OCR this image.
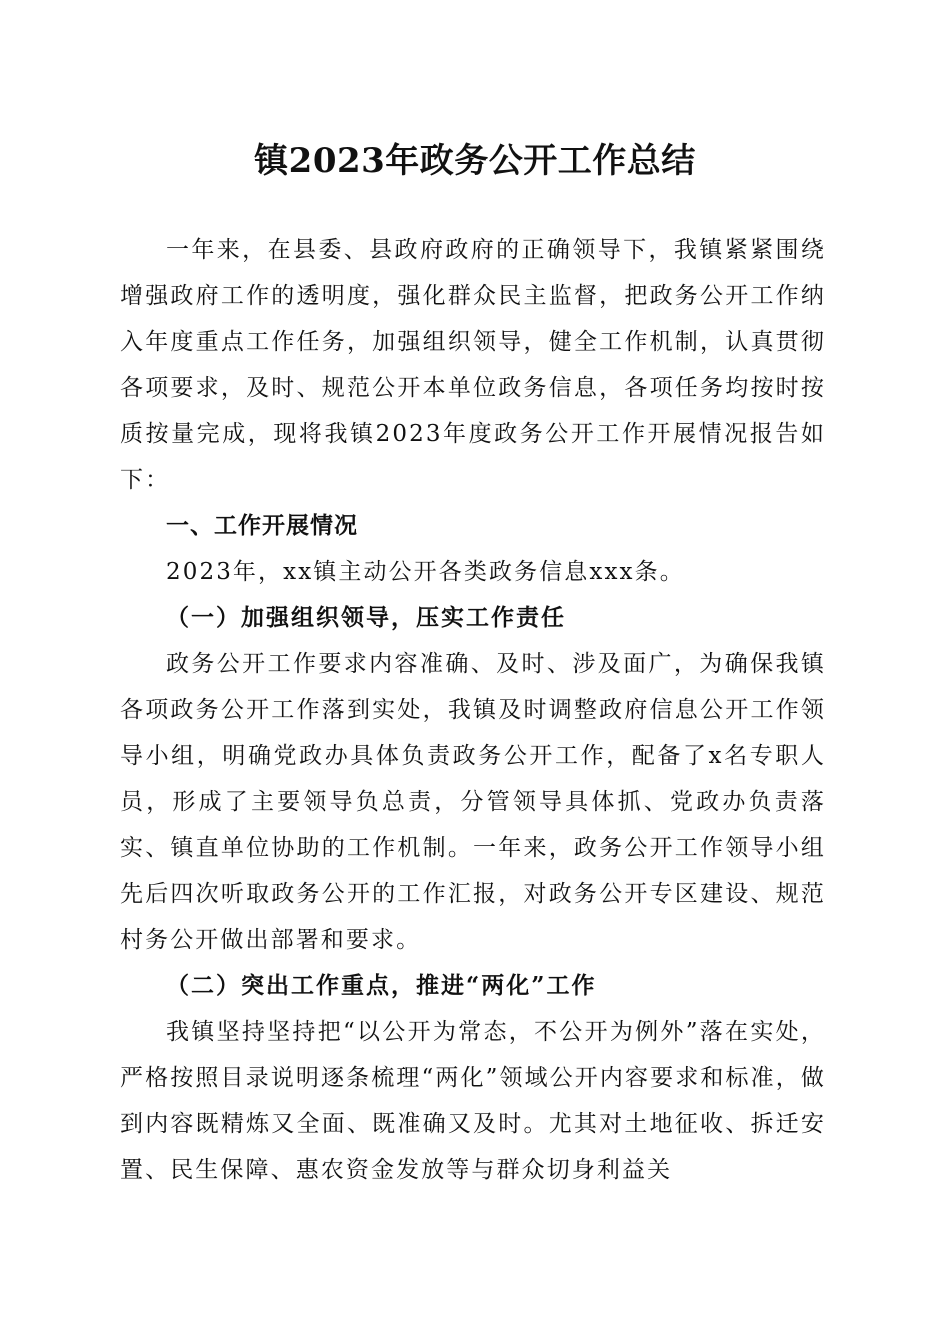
镇2023年政务公开工作总结

一年来，在县委、县政府政府的正确领导下，我镇紧紧围绕增强政府工作的透明度，强化群众民主监督，把政务公开工作纳入年度重点工作任务，加强组织领导，健全工作机制，认真贯彻各项要求，及时、规范公开本单位政务信息，各项任务均按时按质按量完成，现将我镇2023年度政务公开工作开展情况报告如下：

一、工作开展情况

2023年，xx镇主动公开各类政务信息xxx条。

（一）加强组织领导，压实工作责任

政务公开工作要求内容准确、及时、涉及面广，为确保我镇各项政务公开工作落到实处，我镇及时调整政府信息公开工作领导小组，明确党政办具体负责政务公开工作，配备了x名专职人员，形成了主要领导负总责，分管领导具体抓、党政办负责落实、镇直单位协助的工作机制。一年来，政务公开工作领导小组先后四次听取政务公开的工作汇报，对政务公开专区建设、规范村务公开做出部署和要求。

（二）突出工作重点，推进“两化”工作

我镇坚持坚持把“以公开为常态，不公开为例外”落在实处，严格按照目录说明逐条梳理“两化”领域公开内容要求和标准，做到内容既精炼又全面、既准确又及时。尤其对土地征收、拆迁安置、民生保障、惠农资金发放等与群众切身利益关
